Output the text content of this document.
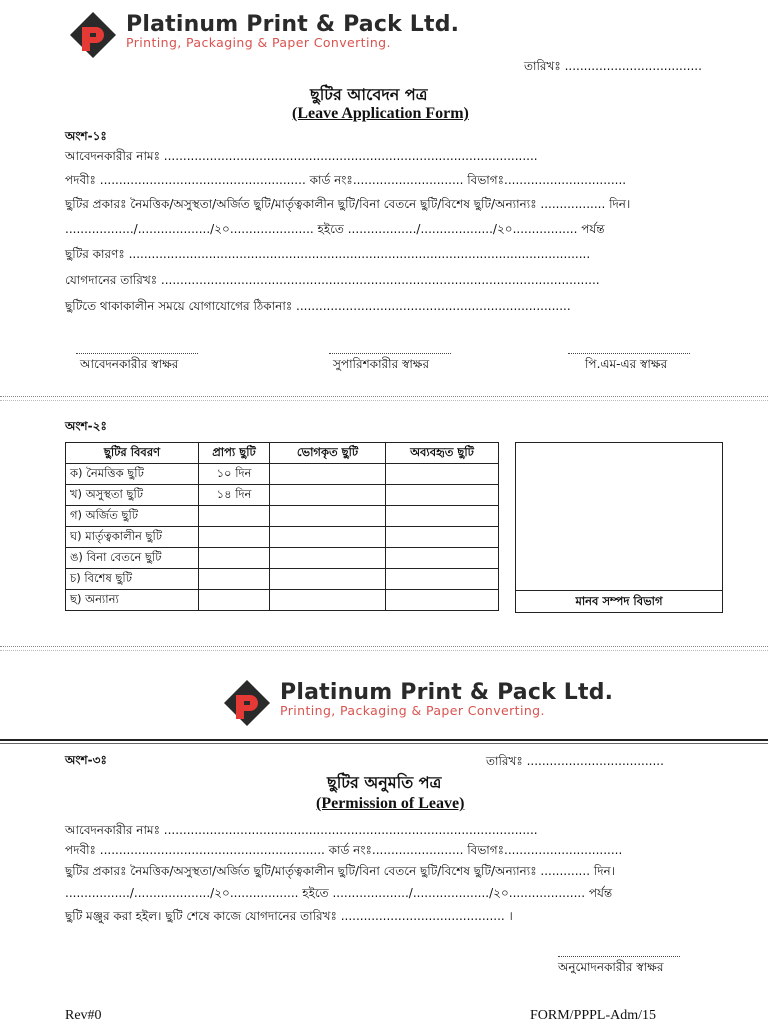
Platinum Print & Pack Ltd.
Printing, Packaging & Paper Converting.
তারিখঃ ....................................
ছুটির আবেদন পত্র
(Leave Application Form)
অংশ-১ঃ
আবেদনকারীর নামঃ ..................................................................................................
পদবীঃ ...................................................... কার্ড নংঃ............................. বিভাগঃ................................
ছুটির প্রকারঃ নৈমত্তিক/অসুস্থতা/অর্জিত ছুটি/মার্তৃত্বকালীন ছুটি/বিনা বেতনে ছুটি/বিশেষ ছুটি/অন্যান্যঃ ................. দিন।
................../.................../২০...................... হইতে ................../.................../২০................. পর্যন্ত
ছুটির কারণঃ .........................................................................................................................
যোগদানের তারিখঃ ...................................................................................................................
ছুটিতে থাকাকালীন সময়ে যোগাযোগের ঠিকানাঃ ........................................................................
আবেদনকারীর স্বাক্ষর	সুপারিশকারীর স্বাক্ষর	পি.এম-এর স্বাক্ষর
অংশ-২ঃ
ছুটির বিবরণ	প্রাপ্য ছুটি	ভোগকৃত ছুটি	অব্যবহৃত ছুটি
ক) নৈমত্তিক ছুটি	১০ দিন		
খ) অসুস্থতা ছুটি	১৪ দিন		
গ) অর্জিত ছুটি			
ঘ) মার্তৃত্বকালীন ছুটি			
ঙ) বিনা বেতনে ছুটি			
চ) বিশেষ ছুটি			
ছ) অন্যান্য				মানব সম্পদ বিভাগ
Platinum Print & Pack Ltd.
Printing, Packaging & Paper Converting.
অংশ-৩ঃ	তারিখঃ ....................................
ছুটির অনুমতি পত্র
(Permission of Leave)
আবেদনকারীর নামঃ ..................................................................................................
পদবীঃ ........................................................... কার্ড নংঃ........................ বিভাগঃ...............................
ছুটির প্রকারঃ নৈমত্তিক/অসুস্থতা/অর্জিত ছুটি/মার্তৃত্বকালীন ছুটি/বিনা বেতনে ছুটি/বিশেষ ছুটি/অন্যান্যঃ ............. দিন।
................./..................../২০.................. হইতে ..................../..................../২০.................... পর্যন্ত
ছুটি মঞ্জুর করা হইল। ছুটি শেষে কাজে যোগদানের তারিখঃ ........................................... ।
অনুমোদনকারীর স্বাক্ষর
Rev#0	FORM/PPPL-Adm/15
